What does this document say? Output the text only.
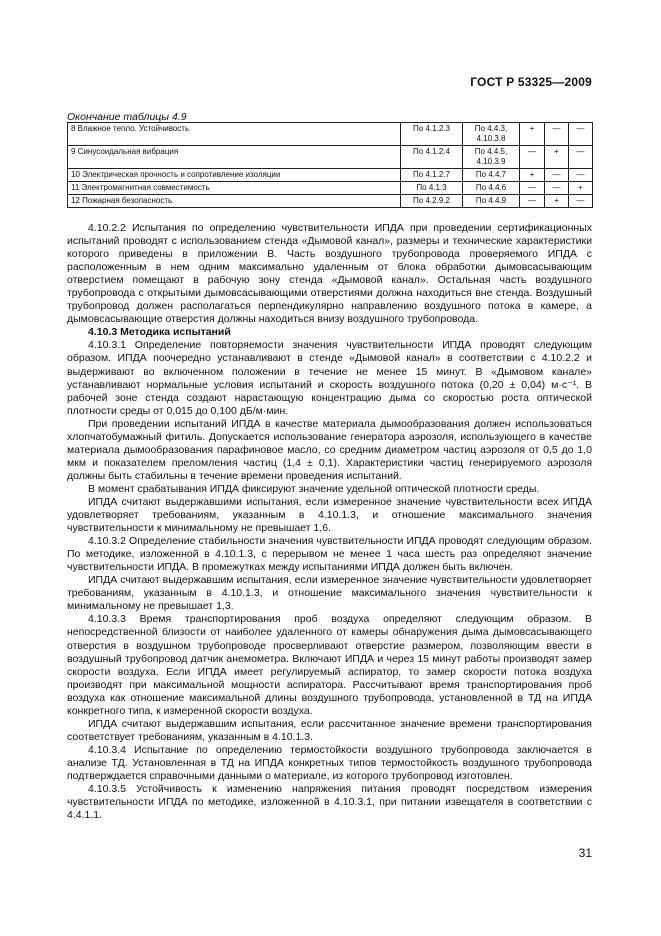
ГОСТ Р 53325—2009
Окончание таблицы 4.9
8 Влажное тепло. Устойчивость	По 4.1.2.3	По 4.4.3, 4.10.3.8	+	—	—
9 Синусоидальная вибрация	По 4.1.2.4	По 4.4.5, 4.10.3.9	—	+	—
10 Электрическая прочность и сопротивление изоляции	По 4.1.2.7	По 4.4.7	+	—	—
11 Электромагнитная совместимость	По 4.1.3	По 4.4.6	—	—	+
12 Пожарная безопасность	По 4.2.9.2	По 4.4.9	—	+	—

4.10.2.2 Испытания по определению чувствительности ИПДА при проведении сертификационных испытаний проводят с использованием стенда «Дымовой канал», размеры и технические характеристики которого приведены в приложении В. Часть воздушного трубопровода проверяемого ИПДА с расположенным в нем одним максимально удаленным от блока обработки дымовсасывающим отверстием помещают в рабочую зону стенда «Дымовой канал». Остальная часть воздушного трубопровода с открытыми дымовсасывающими отверстиями должна находиться вне стенда. Воздушный трубопровод должен располагаться перпендикулярно направлению воздушного потока в камере, а дымовсасывающие отверстия должны находиться внизу воздушного трубопровода.

4.10.3 Методика испытаний

4.10.3.1 Определение повторяемости значения чувствительности ИПДА проводят следующим образом. ИПДА поочередно устанавливают в стенде «Дымовой канал» в соответствии с 4.10.2.2 и выдерживают во включенном положении в течение не менее 15 минут. В «Дымовом канале» устанавливают нормальные условия испытаний и скорость воздушного потока (0,20 ± 0,04) м·с⁻¹. В рабочей зоне стенда создают нарастающую концентрацию дыма со скоростью роста оптической плотности среды от 0,015 до 0,100 дБ/м·мин.

При проведении испытаний ИПДА в качестве материала дымообразования должен использоваться хлопчатобумажный фитиль. Допускается использование генератора аэрозоля, использующего в качестве материала дымообразования парафиновое масло, со средним диаметром частиц аэрозоля от 0,5 до 1,0 мкм и показателем преломления частиц (1,4 ± 0,1). Характеристики частиц генерируемого аэрозоля должны быть стабильны в течение времени проведения испытаний.

В момент срабатывания ИПДА фиксируют значение удельной оптической плотности среды.

ИПДА считают выдержавшими испытания, если измеренное значение чувствительности всех ИПДА удовлетворяет требованиям, указанным в 4.10.1.3, и отношение максимального значения чувствительности к минимальному не превышает 1,6.

4.10.3.2 Определение стабильности значения чувствительности ИПДА проводят следующим образом. По методике, изложенной в 4.10.1.3, с перерывом не менее 1 часа шесть раз определяют значение чувствительности ИПДА. В промежутках между испытаниями ИПДА должен быть включен.

ИПДА считают выдержавшим испытания, если измеренное значение чувствительности удовлетворяет требованиям, указанным в 4.10.1.3, и отношение максимального значения чувствительности к минимальному не превышает 1,3.

4.10.3.3 Время транспортирования проб воздуха определяют следующим образом. В непосредственной близости от наиболее удаленного от камеры обнаружения дыма дымовсасывающего отверстия в воздушном трубопроводе просверливают отверстие размером, позволяющим ввести в воздушный трубопровод датчик анемометра. Включают ИПДА и через 15 минут работы производят замер скорости воздуха. Если ИПДА имеет регулируемый аспиратор, то замер скорости потока воздуха производят при максимальной мощности аспиратора. Рассчитывают время транспортирования проб воздуха как отношение максимальной длины воздушного трубопровода, установленной в ТД на ИПДА конкретного типа, к измеренной скорости воздуха.

ИПДА считают выдержавшим испытания, если рассчитанное значение времени транспортирования соответствует требованиям, указанным в 4.10.1.3.

4.10.3.4 Испытание по определению термостойкости воздушного трубопровода заключается в анализе ТД. Установленная в ТД на ИПДА конкретных типов термостойкость воздушного трубопровода подтверждается справочными данными о материале, из которого трубопровод изготовлен.

4.10.3.5 Устойчивость к изменению напряжения питания проводят посредством измерения чувствительности ИПДА по методике, изложенной в 4.10.3.1, при питании извещателя в соответствии с 4.4.1.1.

31
